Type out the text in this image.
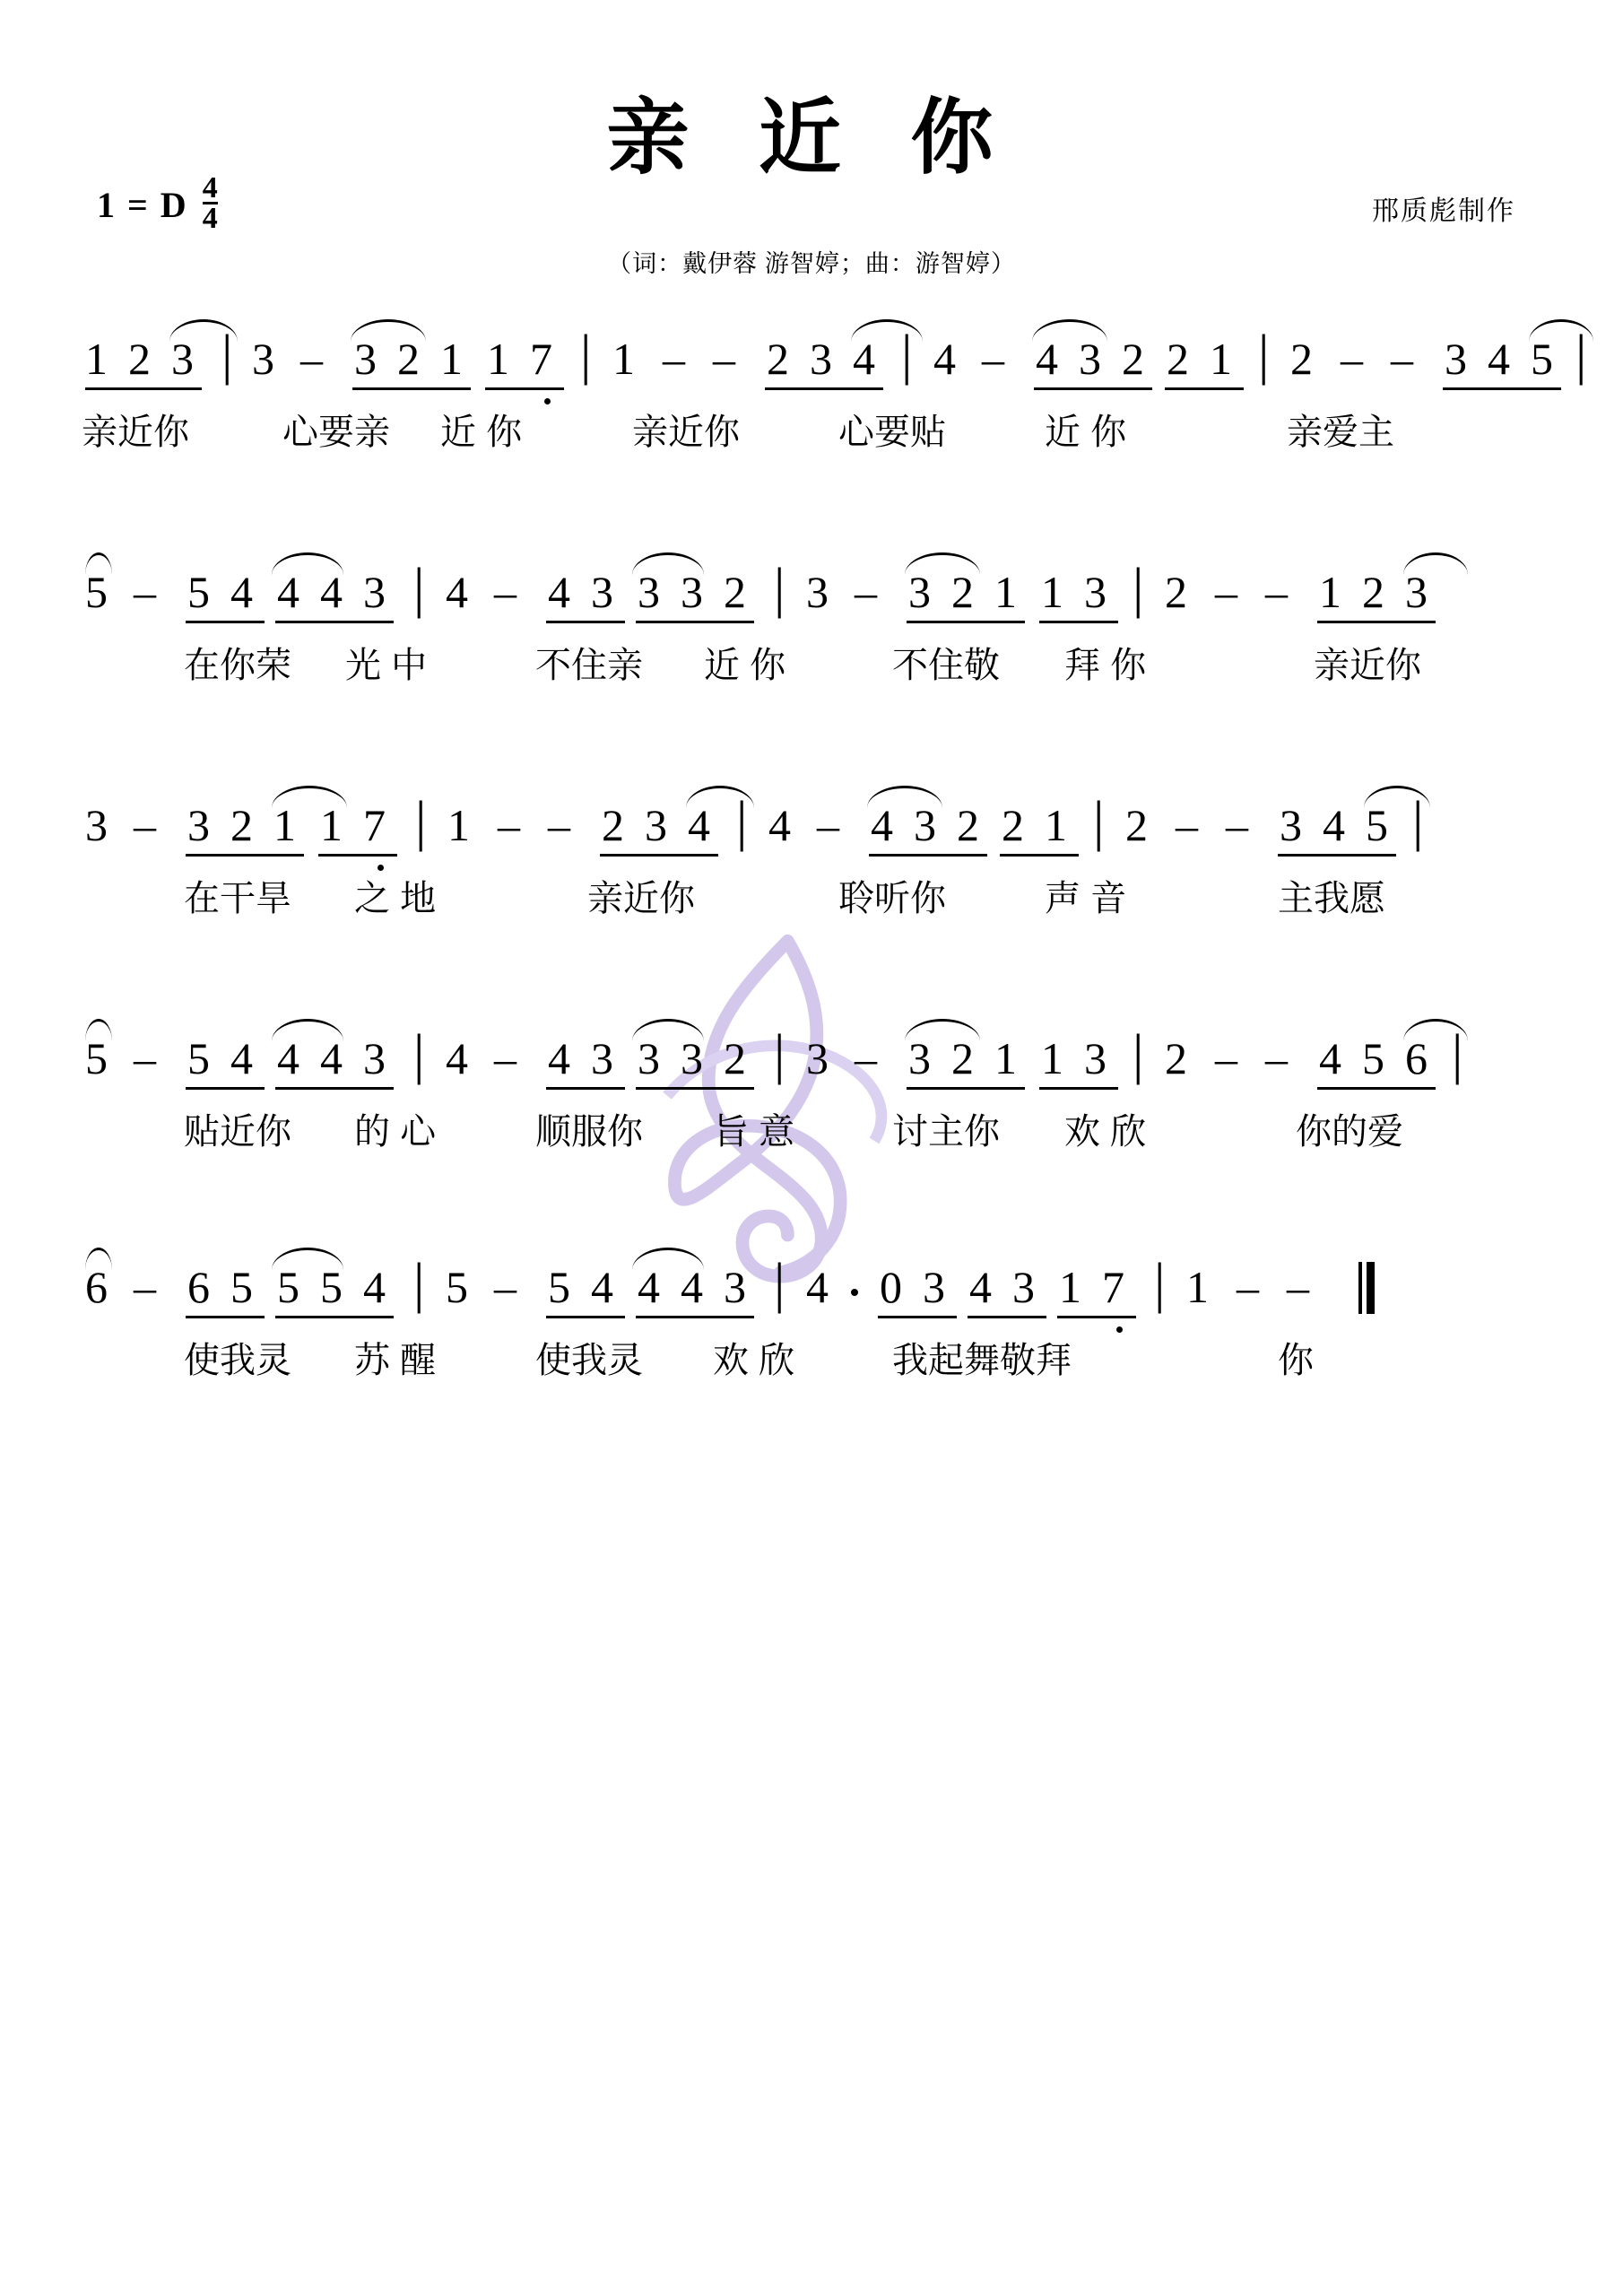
亲 近 你
1 = D $\frac{4}{4}$	邢质彪制作
（词：戴伊蓉 游智婷；曲：游智婷）
1 2 3 | 3 – 3 2 1 1 7 | 1 – – 2 3 4 | 4 – 4 3 2 2 1 | 2 – – 3 4 5 |
亲近你	心要亲 近 你	亲近你	心要贴	近 你	亲爱主
5 – 5 4 4 4 3 | 4 – 4 3 3 3 2 | 3 – 3 2 1 1 3 | 2 – – 1 2 3
在你荣 光 中	不住亲 近 你	不住敬 拜 你	亲近你
3 – 3 2 1 1 7 | 1 – – 2 3 4 | 4 – 4 3 2 2 1 | 2 – – 3 4 5 |
在干旱 之 地	亲近你	聆听你	声 音	主我愿
5 – 5 4 4 4 3 | 4 – 4 3 3 3 2 | 3 – 3 2 1 1 3 | 2 – – 4 5 6 |
贴近你 的 心	顺服你 旨 意	讨主你 欢 欣	你的爱
6 – 6 5 5 5 4 | 5 – 5 4 4 4 3 | 4 0 3 4 3 1 7 | 1 – –
使我灵 苏 醒	使我灵 欢 欣	我起舞敬拜	你
